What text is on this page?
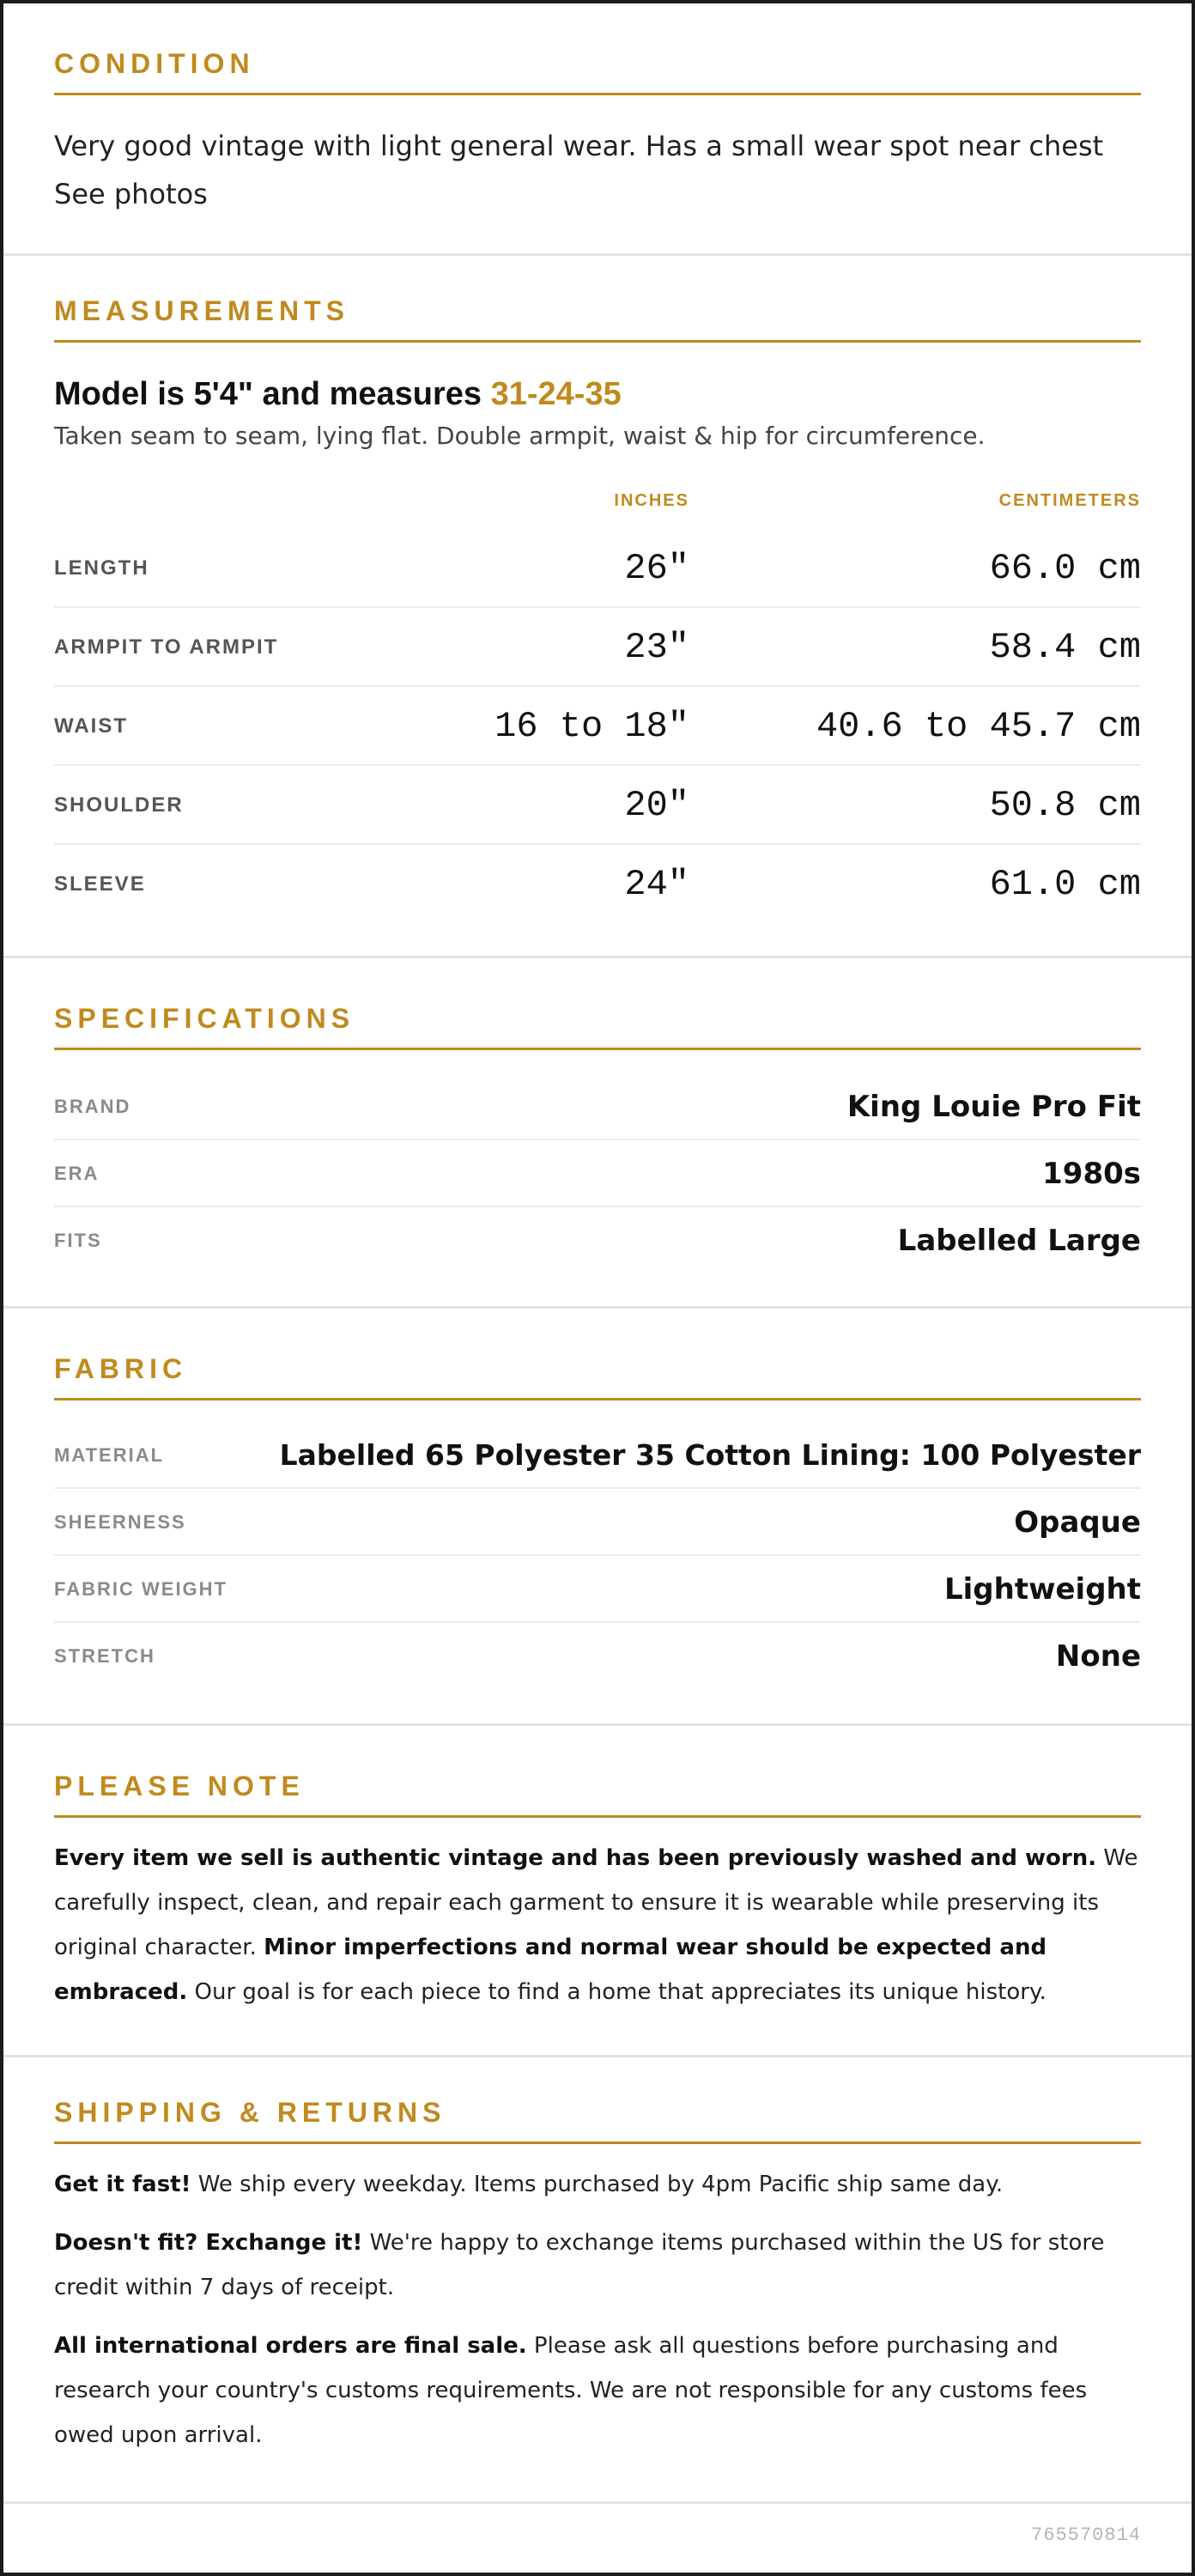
CONDITION
Very good vintage with light general wear. Has a small wear spot near chest See photos
MEASUREMENTS
Model is 5'4" and measures 31-24-35
Taken seam to seam, lying flat. Double armpit, waist & hip for circumference.
INCHES	CENTIMETERS
LENGTH	26"	66.0 cm
ARMPIT TO ARMPIT	23"	58.4 cm
WAIST	16 to 18"	40.6 to 45.7 cm
SHOULDER	20"	50.8 cm
SLEEVE	24"	61.0 cm
SPECIFICATIONS
BRAND	King Louie Pro Fit
ERA	1980s
FITS	Labelled Large
FABRIC
MATERIAL	Labelled 65 Polyester 35 Cotton Lining: 100 Polyester
SHEERNESS	Opaque
FABRIC WEIGHT	Lightweight
STRETCH	None
PLEASE NOTE
Every item we sell is authentic vintage and has been previously washed and worn. We carefully inspect, clean, and repair each garment to ensure it is wearable while preserving its original character. Minor imperfections and normal wear should be expected and embraced. Our goal is for each piece to find a home that appreciates its unique history.
SHIPPING & RETURNS
Get it fast! We ship every weekday. Items purchased by 4pm Pacific ship same day.
Doesn't fit? Exchange it! We're happy to exchange items purchased within the US for store credit within 7 days of receipt.
All international orders are final sale. Please ask all questions before purchasing and research your country's customs requirements. We are not responsible for any customs fees owed upon arrival.
765570814
